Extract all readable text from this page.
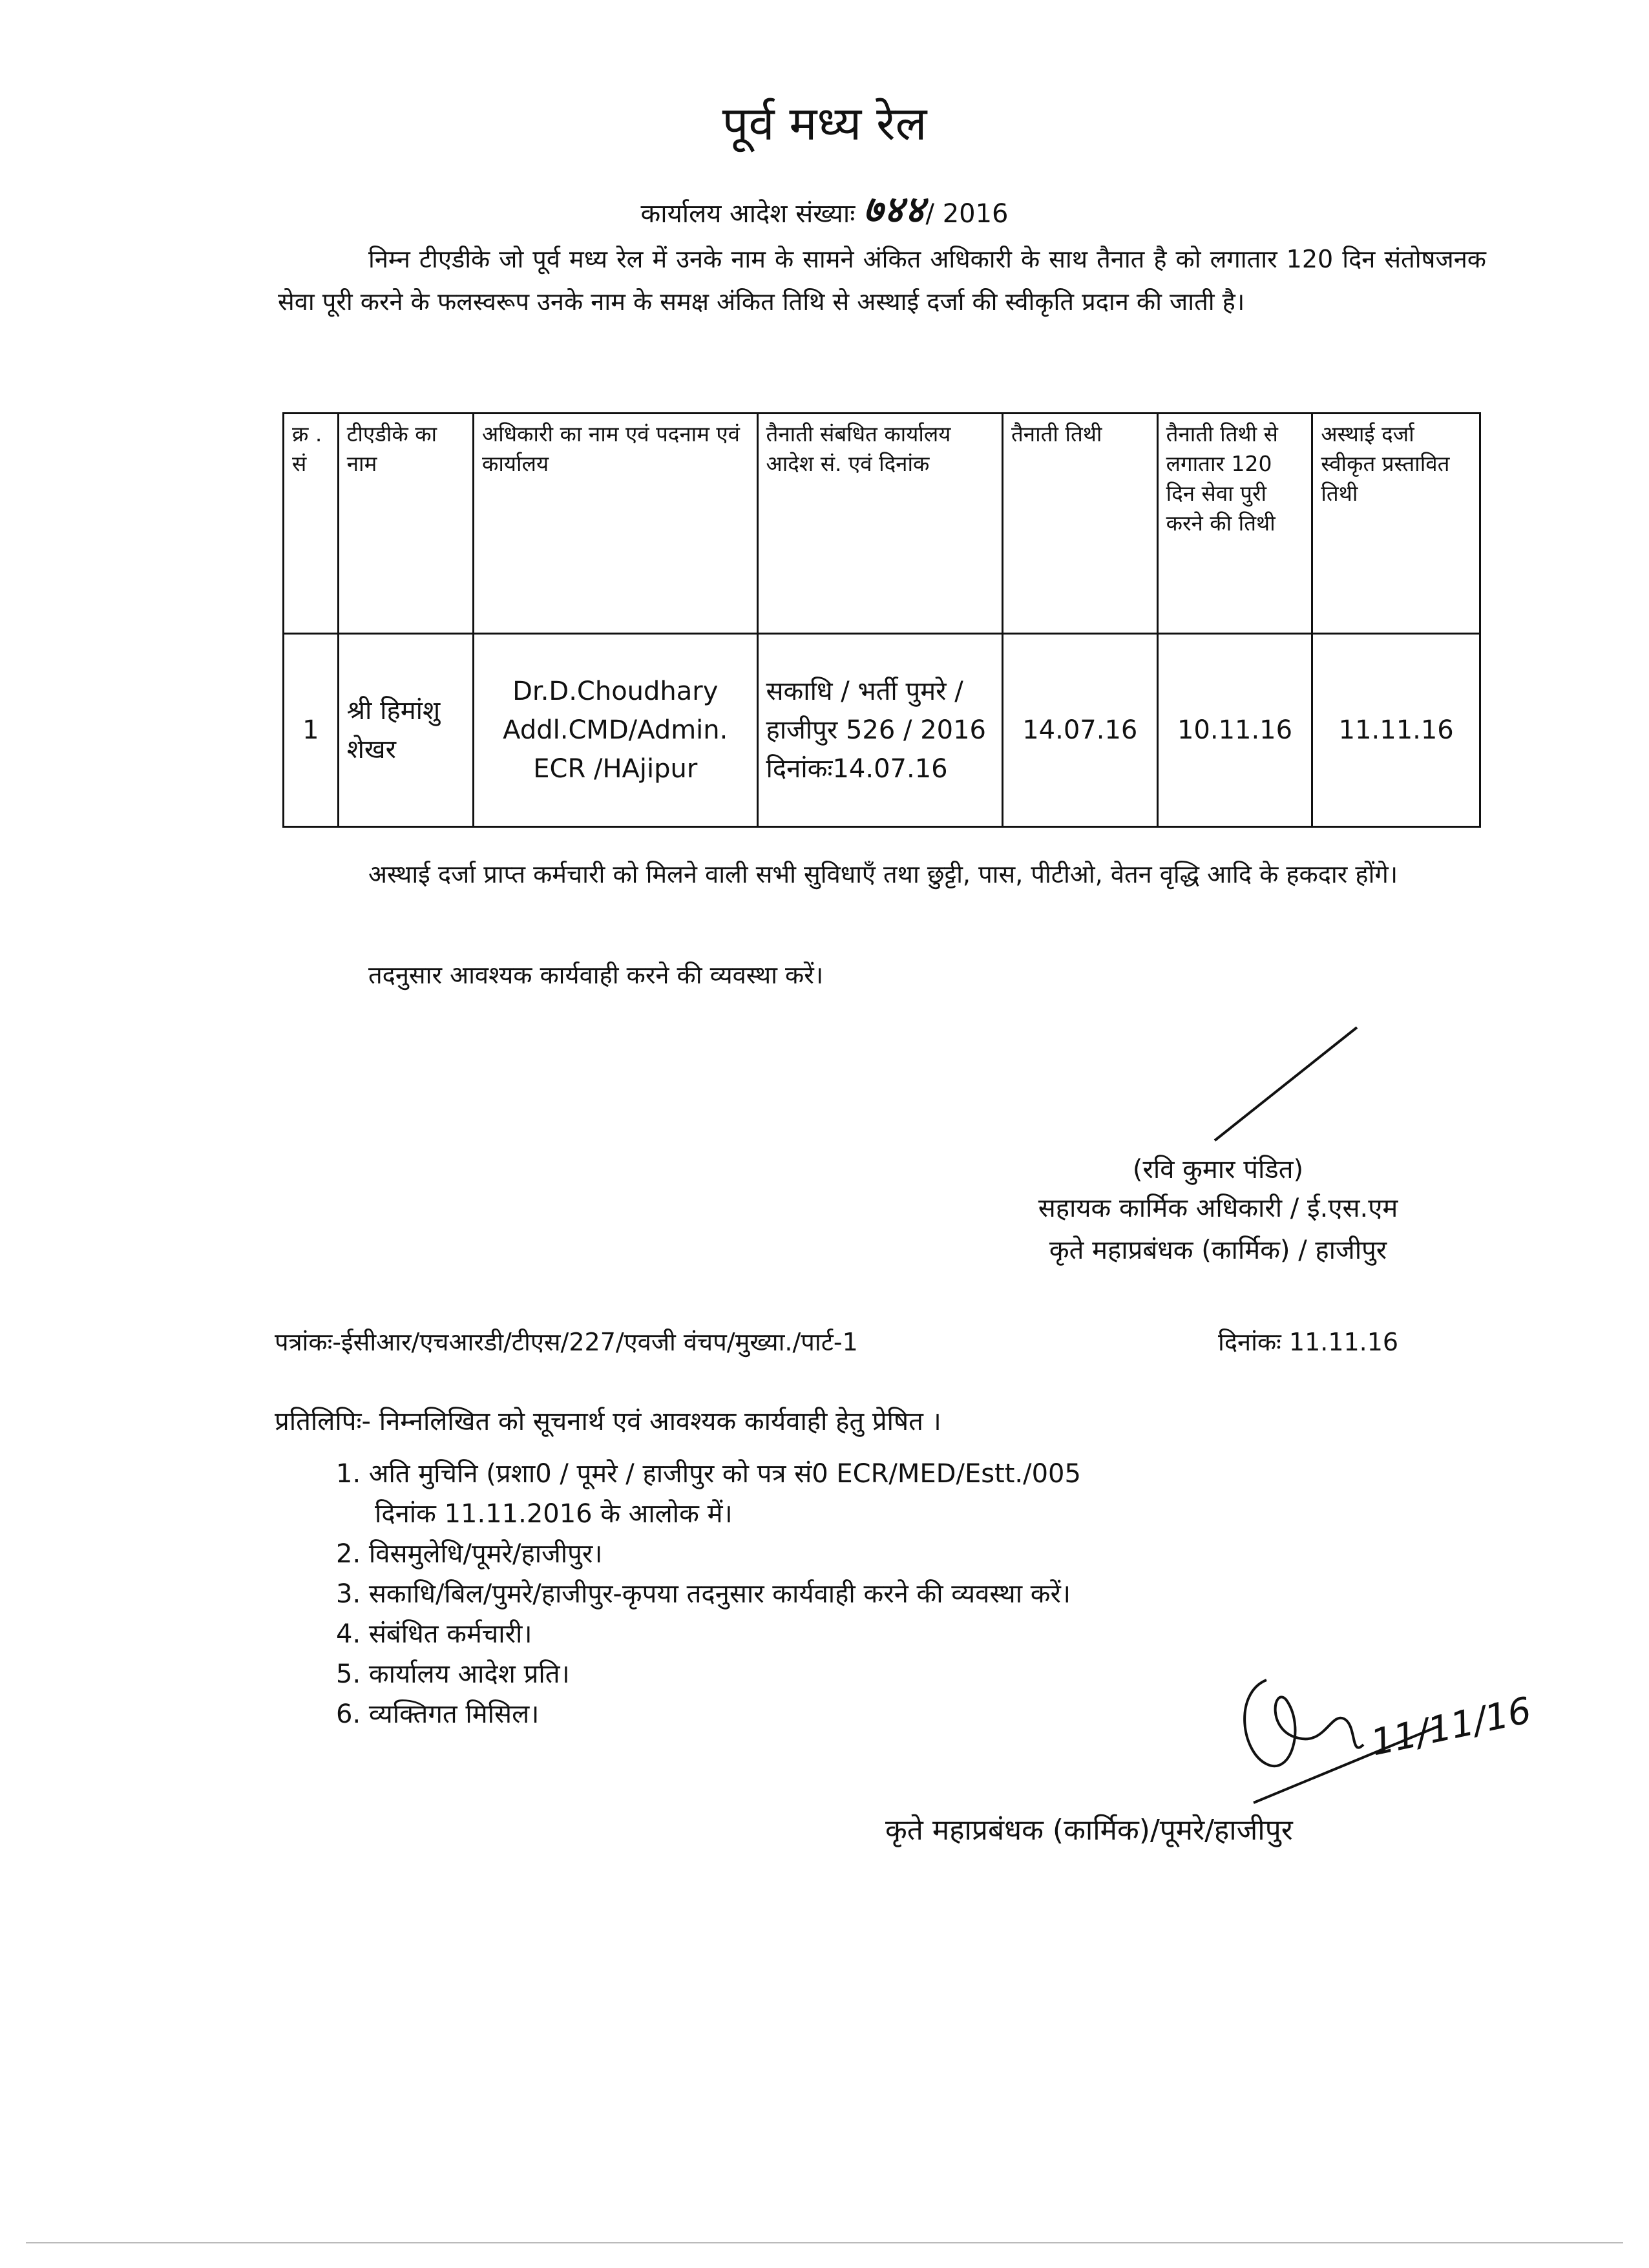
पूर्व मध्य रेल
कार्यालय आदेश संख्याः ७४४/ 2016
निम्न टीएडीके जो पूर्व मध्य रेल में उनके नाम के सामने अंकित अधिकारी के साथ तैनात है को लगातार 120 दिन संतोषजनक सेवा पूरी करने के फलस्वरूप उनके नाम के समक्ष अंकित तिथि से अस्थाई दर्जा की स्वीकृति प्रदान की जाती है।
क्र . सं	टीएडीके का नाम	अधिकारी का नाम एवं पदनाम एवं कार्यालय	तैनाती संबधित कार्यालय आदेश सं. एवं दिनांक	तैनाती तिथी	तैनाती तिथी से लगातार 120 दिन सेवा पुरी करने की तिथी	अस्थाई दर्जा स्वीकृत प्रस्तावित तिथी
1	श्री हिमांशु शेखर	Dr.D.Choudhary Addl.CMD/Admin. ECR /HAjipur	सकाधि / भर्ती पुमरे / हाजीपुर 526 / 2016 दिनांकः14.07.16	14.07.16	10.11.16	11.11.16
अस्थाई दर्जा प्राप्त कर्मचारी को मिलने वाली सभी सुविधाएँ तथा छुट्टी, पास, पीटीओ, वेतन वृद्धि आदि के हकदार होंगे।
तदनुसार आवश्यक कार्यवाही करने की व्यवस्था करें।
(रवि कुमार पंडित)
सहायक कार्मिक अधिकारी / ई.एस.एम
कृते महाप्रबंधक (कार्मिक) / हाजीपुर
पत्रांकः-ईसीआर/एचआरडी/टीएस/227/एवजी वंचप/मुख्या./पार्ट-1	दिनांकः 11.11.16
प्रतिलिपिः- निम्नलिखित को सूचनार्थ एवं आवश्यक कार्यवाही हेतु प्रेषित ।
1. अति मुचिनि (प्रशा0 / पूमरे / हाजीपुर को पत्र सं0 ECR/MED/Estt./005
दिनांक 11.11.2016 के आलोक में।
2. विसमुलेधि/पूमरे/हाजीपुर।
3. सकाधि/बिल/पुमरे/हाजीपुर-कृपया तदनुसार कार्यवाही करने की व्यवस्था करें।
4. संबंधित कर्मचारी।
5. कार्यालय आदेश प्रति।
6. व्यक्तिगत मिसिल।	11/11/16
कृते महाप्रबंधक (कार्मिक)/पूमरे/हाजीपुर
